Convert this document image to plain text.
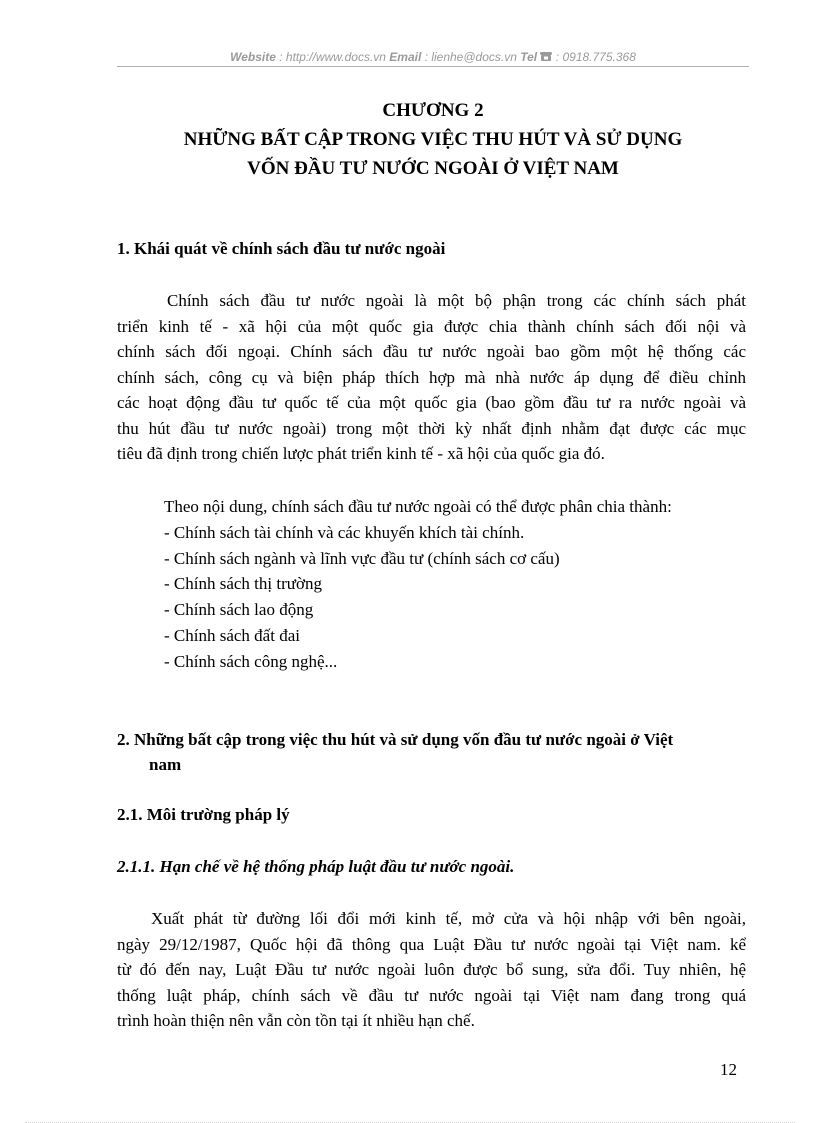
Website : http://www.docs.vn Email : lienhe@docs.vn Tel  : 0918.775.368
CHƯƠNG 2
NHỮNG BẤT CẬP TRONG VIỆC THU HÚT VÀ SỬ DỤNG
VỐN ĐẦU TƯ NƯỚC NGOÀI Ở VIỆT NAM
1. Khái quát về chính sách đầu tư nước ngoài
Chính sách đầu tư nước ngoài là một bộ phận trong các chính sách phát
triển kinh tế - xã hội của một quốc gia được chia thành chính sách đối nội và
chính sách đối ngoại. Chính sách đầu tư nước ngoài bao gồm một hệ thống các
chính sách, công cụ và biện pháp thích hợp mà nhà nước áp dụng để điều chỉnh
các hoạt động đầu tư quốc tế của một quốc gia (bao gồm đầu tư ra nước ngoài và
thu hút đầu tư nước ngoài) trong một thời kỳ nhất định nhằm đạt được các mục
tiêu đã định trong chiến lược phát triển kinh tế - xã hội của quốc gia đó.
Theo nội dung, chính sách đầu tư nước ngoài có thể được phân chia thành:
- Chính sách tài chính và các khuyến khích tài chính.
- Chính sách ngành và lĩnh vực đầu tư (chính sách cơ cấu)
- Chính sách thị trường
- Chính sách lao động
- Chính sách đất đai
- Chính sách công nghệ...
2. Những bất cập trong việc thu hút và sử dụng vốn đầu tư nước ngoài ở Việt
nam
2.1. Môi trường pháp lý
2.1.1. Hạn chế về hệ thống pháp luật đầu tư nước ngoài.
Xuất phát từ đường lối đổi mới kinh tế, mở cửa và hội nhập với bên ngoài,
ngày 29/12/1987, Quốc hội đã thông qua Luật Đầu tư nước ngoài tại Việt nam. kể
từ đó đến nay, Luật Đầu tư nước ngoài luôn được bổ sung, sửa đổi. Tuy nhiên, hệ
thống luật pháp, chính sách về đầu tư nước ngoài tại Việt nam đang trong quá
trình hoàn thiện nên vẫn còn tồn tại ít nhiều hạn chế.
12
